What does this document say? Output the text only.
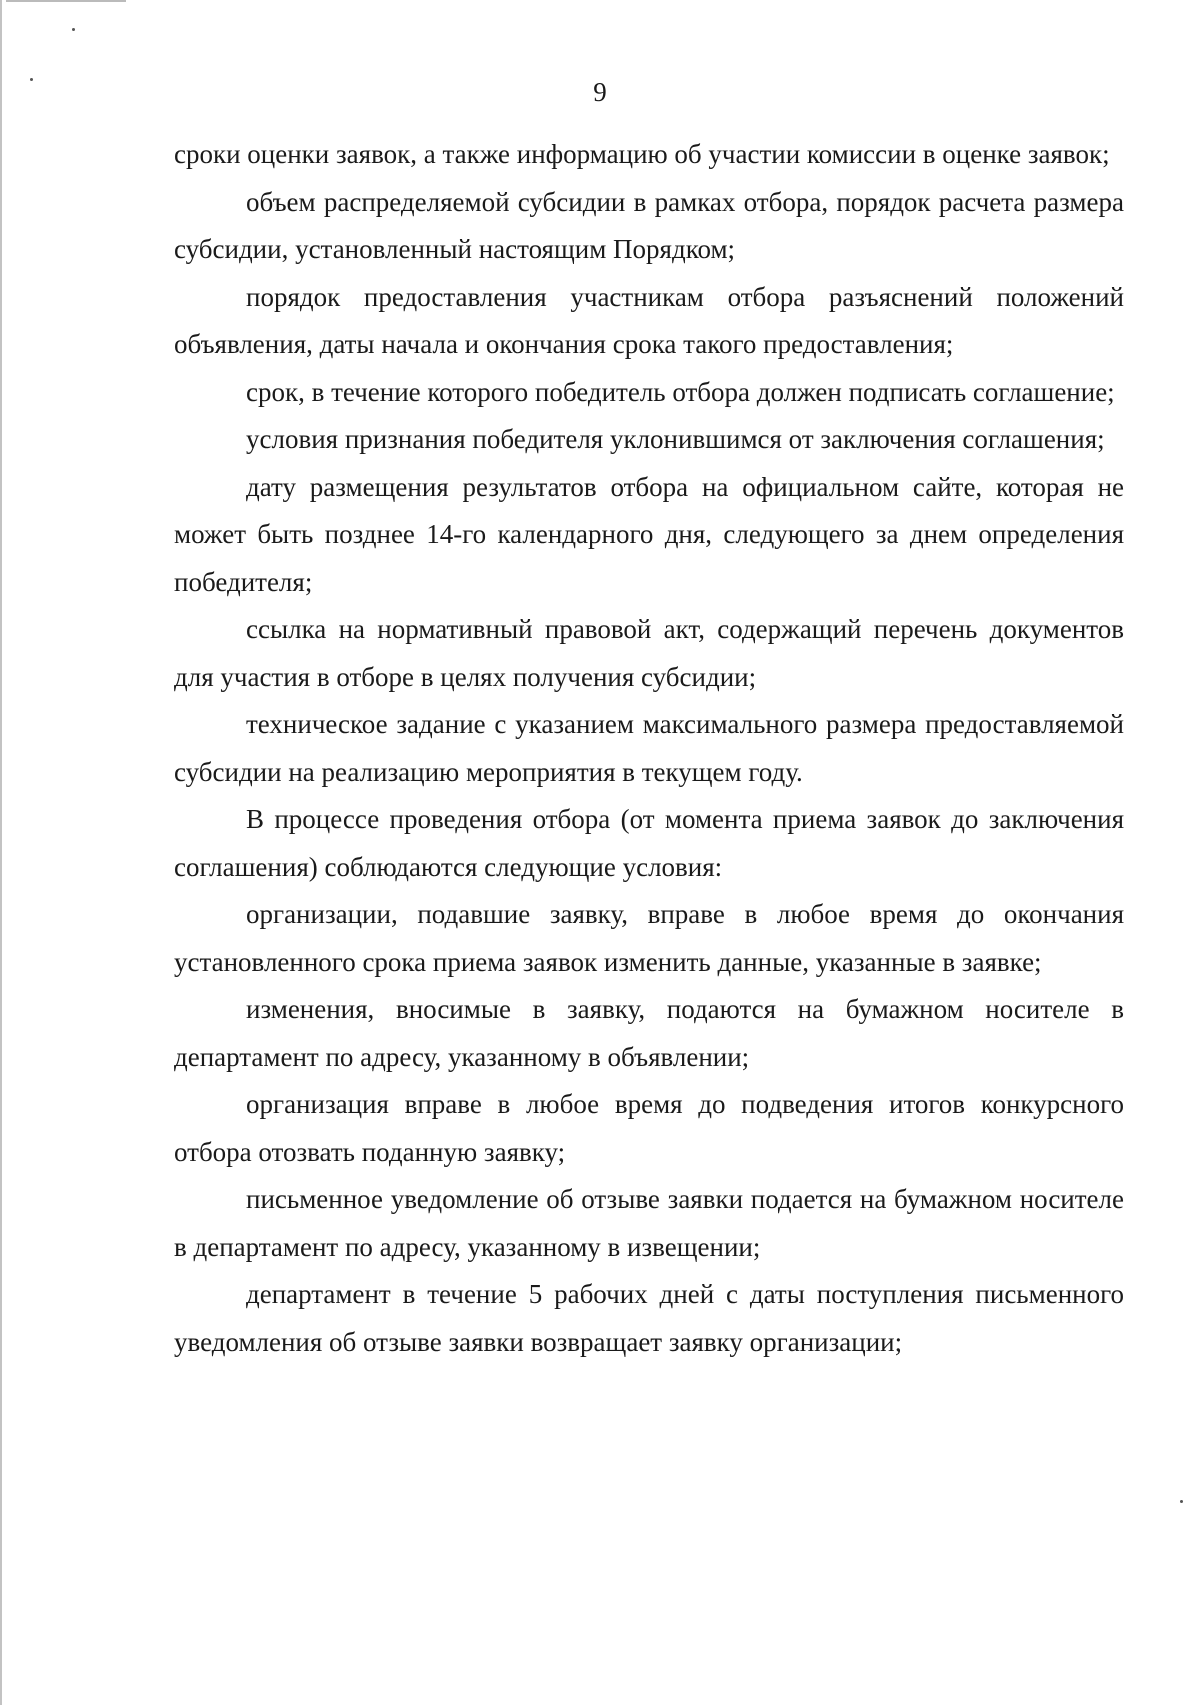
9

сроки оценки заявок, а также информацию об участии комиссии в оценке заявок;

объем распределяемой субсидии в рамках отбора, порядок расчета размера субсидии, установленный настоящим Порядком;

порядок предоставления участникам отбора разъяснений положений объявления, даты начала и окончания срока такого предоставления;

срок, в течение которого победитель отбора должен подписать соглашение;

условия признания победителя уклонившимся от заключения соглашения;

дату размещения результатов отбора на официальном сайте, которая не может быть позднее 14-го календарного дня, следующего за днем определения победителя;

ссылка на нормативный правовой акт, содержащий перечень документов для участия в отборе в целях получения субсидии;

техническое задание с указанием максимального размера предоставляемой субсидии на реализацию мероприятия в текущем году.

В процессе проведения отбора (от момента приема заявок до заключения соглашения) соблюдаются следующие условия:

организации, подавшие заявку, вправе в любое время до окончания установленного срока приема заявок изменить данные, указанные в заявке;

изменения, вносимые в заявку, подаются на бумажном носителе в департамент по адресу, указанному в объявлении;

организация вправе в любое время до подведения итогов конкурсного отбора отозвать поданную заявку;

письменное уведомление об отзыве заявки подается на бумажном носителе в департамент по адресу, указанному в извещении;

департамент в течение 5 рабочих дней с даты поступления письменного уведомления об отзыве заявки возвращает заявку организации;
